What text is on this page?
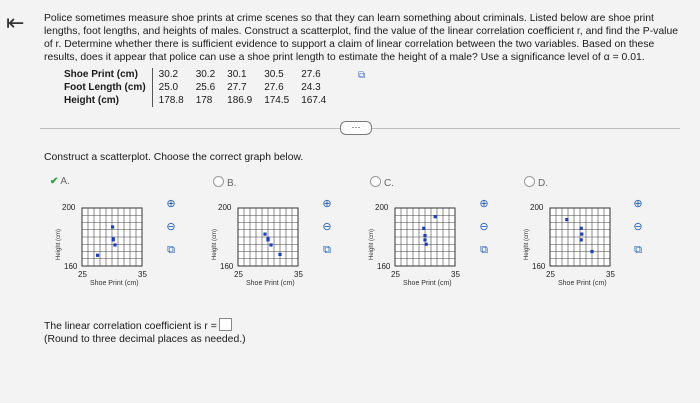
⇤ Police sometimes measure shoe prints at crime scenes so that they can learn something about criminals. Listed below are shoe print lengths, foot lengths, and heights of males. Construct a scatterplot, find the value of the linear correlation coefficient r, and find the P-value of r. Determine whether there is sufficient evidence to support a claim of linear correlation between the two variables. Based on these results, does it appear that police can use a shoe print length to estimate the height of a male? Use a significance level of α = 0.01.
Shoe Print (cm)	30.2	30.2	30.1	30.5	27.6
Foot Length (cm)	25.0	25.6	27.7	27.6	24.3
Height (cm)	178.8	178	186.9	174.5	167.4
⧉
⋯
Construct a scatterplot. Choose the correct graph below.
✔ A.	B.	C.	D.
200
160
25	35
Shoe Print (cm)
Height (cm)
200
160
25	35
Shoe Print (cm)
Height (cm)
200
160
25	35
Shoe Print (cm)
Height (cm)
200
160
25	35
Shoe Print (cm)
Height (cm)
⊕
⊖
⧉
⊕
⊖
⧉
⊕
⊖
⧉
⊕
⊖
⧉
The linear correlation coefficient is r =
(Round to three decimal places as needed.)
